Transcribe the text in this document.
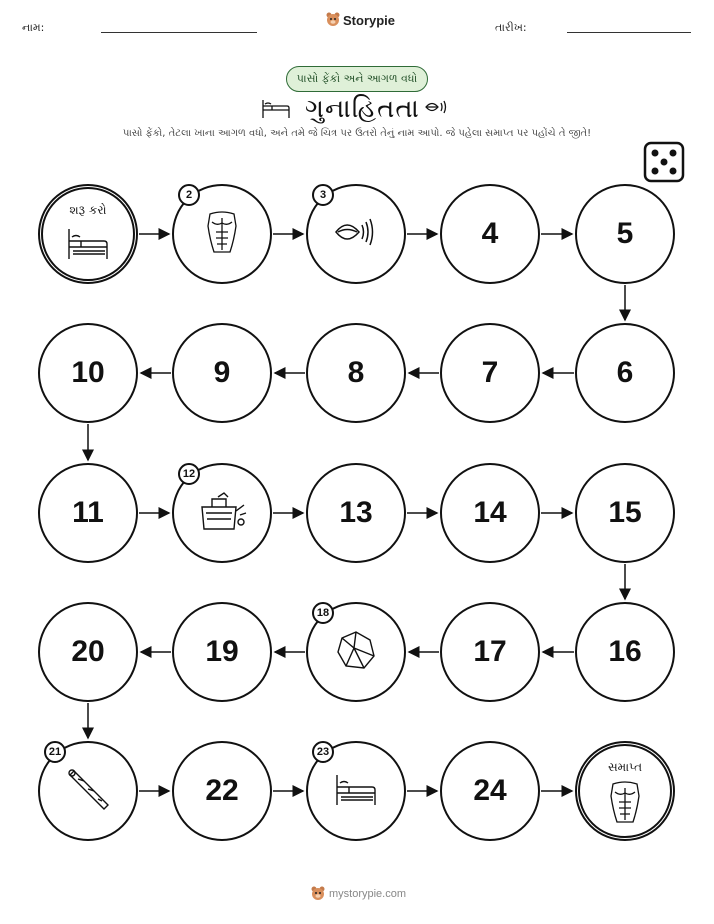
નામ:	Storypie	તારીખ:
પાસો ફેંકો અને આગળ વધો
ગુનાહિતતા
પાસો ફેંકો, તેટલા ખાના આગળ વધો, અને તમે જે ચિત્ર પર ઉતરો તેનું નામ આપો. જે પહેલા સમાપ્ત પર પહોંચે તે જીતે!
શરૂ કરો
2	3
4	5
6
7
8
9
10
11
12
13	14	15
16
17
18
19
20
21
22
23
24
સમાપ્ત
mystorypie.com
